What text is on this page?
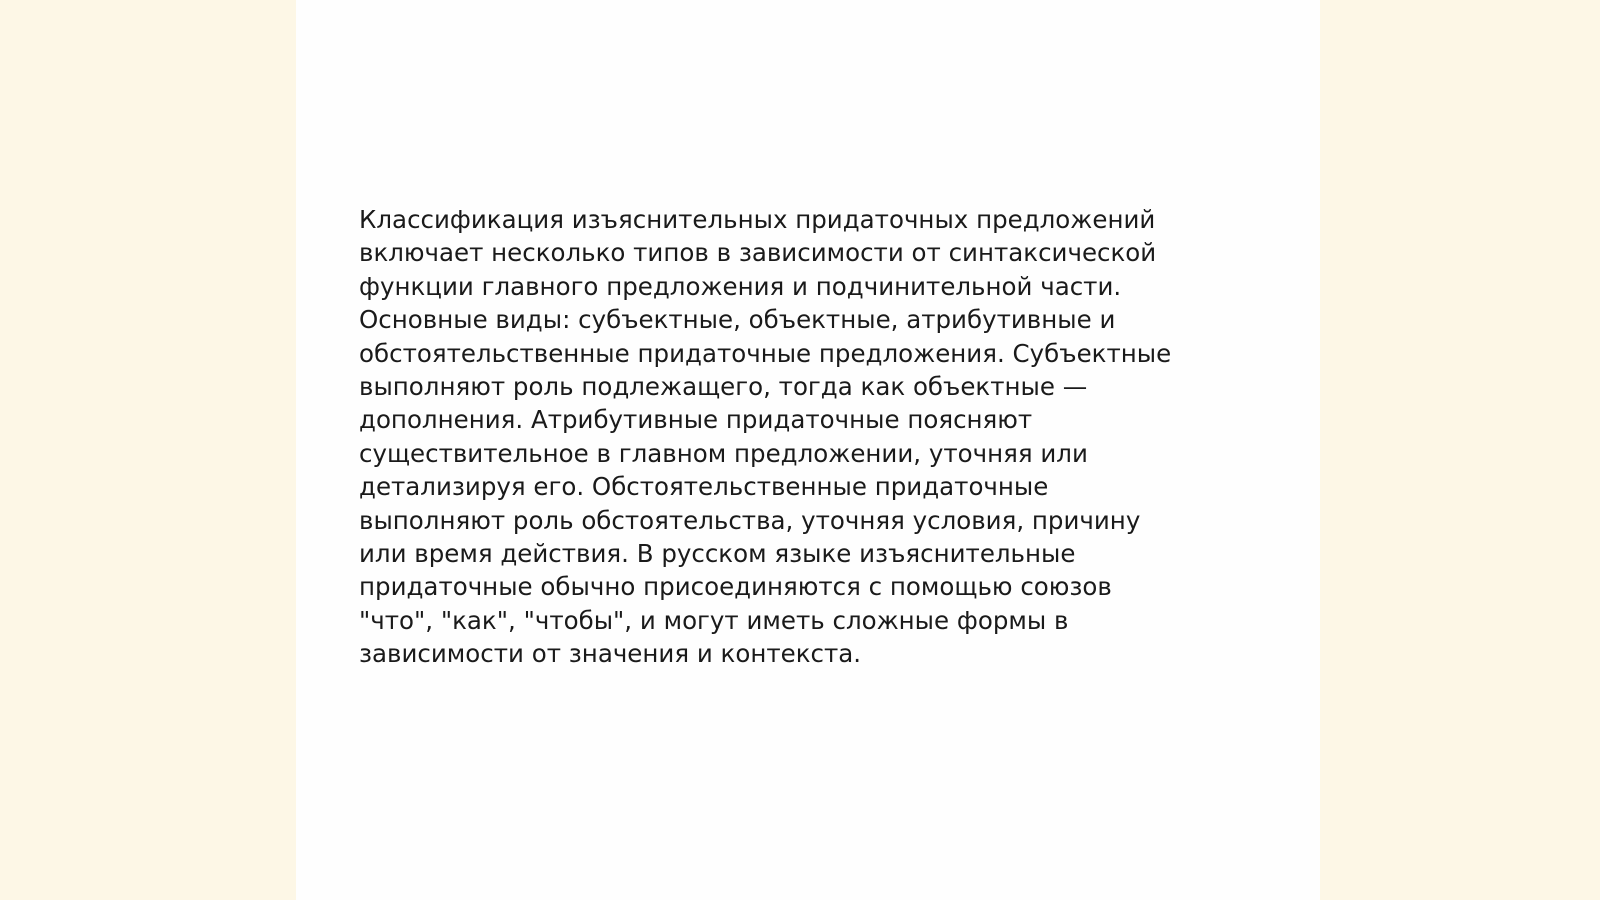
Классификация изъяснительных придаточных предложений
включает несколько типов в зависимости от синтаксической
функции главного предложения и подчинительной части.
Основные виды: субъектные, объектные, атрибутивные и
обстоятельственные придаточные предложения. Субъектные
выполняют роль подлежащего, тогда как объектные —
дополнения. Атрибутивные придаточные поясняют
существительное в главном предложении, уточняя или
детализируя его. Обстоятельственные придаточные
выполняют роль обстоятельства, уточняя условия, причину
или время действия. В русском языке изъяснительные
придаточные обычно присоединяются с помощью союзов
"что", "как", "чтобы", и могут иметь сложные формы в
зависимости от значения и контекста.
